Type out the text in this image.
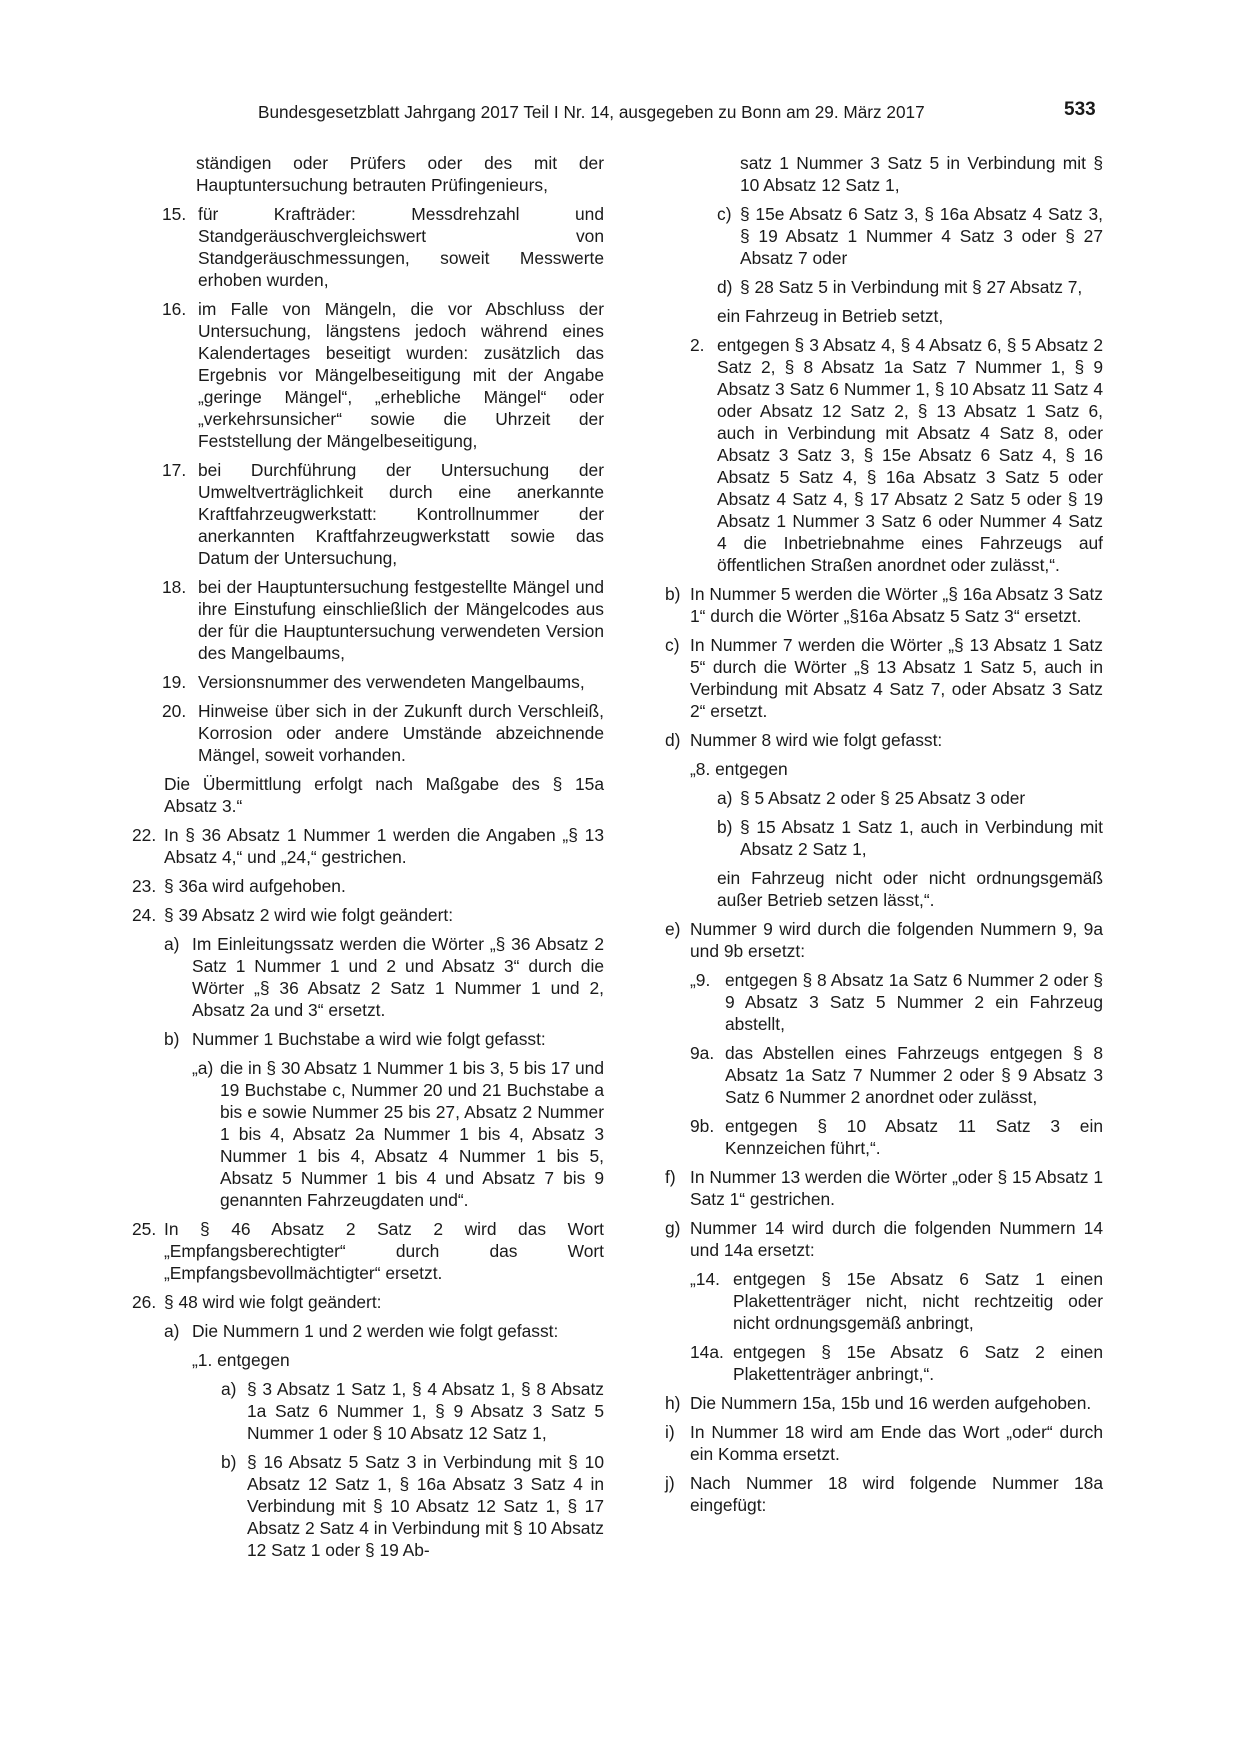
Bundesgesetzblatt Jahrgang 2017 Teil I Nr. 14, ausgegeben zu Bonn am 29. März 2017	533
ständigen oder Prüfers oder des mit der Hauptuntersuchung betrauten Prüfingenieurs,
15. für Krafträder: Messdrehzahl und Standgeräuschvergleichswert von Standgeräuschmessungen, soweit Messwerte erhoben wurden,
16. im Falle von Mängeln, die vor Abschluss der Untersuchung, längstens jedoch während eines Kalendertages beseitigt wurden: zusätzlich das Ergebnis vor Mängelbeseitigung mit der Angabe „geringe Mängel“, „erhebliche Mängel“ oder „verkehrsunsicher“ sowie die Uhrzeit der Feststellung der Mängelbeseitigung,
17. bei Durchführung der Untersuchung der Umweltverträglichkeit durch eine anerkannte Kraftfahrzeugwerkstatt: Kontrollnummer der anerkannten Kraftfahrzeugwerkstatt sowie das Datum der Untersuchung,
18. bei der Hauptuntersuchung festgestellte Mängel und ihre Einstufung einschließlich der Mängelcodes aus der für die Hauptuntersuchung verwendeten Version des Mangelbaums,
19. Versionsnummer des verwendeten Mangelbaums,
20. Hinweise über sich in der Zukunft durch Verschleiß, Korrosion oder andere Umstände abzeichnende Mängel, soweit vorhanden.
Die Übermittlung erfolgt nach Maßgabe des § 15a Absatz 3.“
22. In § 36 Absatz 1 Nummer 1 werden die Angaben „§ 13 Absatz 4,“ und „24,“ gestrichen.
23. § 36a wird aufgehoben.
24. § 39 Absatz 2 wird wie folgt geändert:
a) Im Einleitungssatz werden die Wörter „§ 36 Absatz 2 Satz 1 Nummer 1 und 2 und Absatz 3“ durch die Wörter „§ 36 Absatz 2 Satz 1 Nummer 1 und 2, Absatz 2a und 3“ ersetzt.
b) Nummer 1 Buchstabe a wird wie folgt gefasst:
„a) die in § 30 Absatz 1 Nummer 1 bis 3, 5 bis 17 und 19 Buchstabe c, Nummer 20 und 21 Buchstabe a bis e sowie Nummer 25 bis 27, Absatz 2 Nummer 1 bis 4, Absatz 2a Nummer 1 bis 4, Absatz 3 Nummer 1 bis 4, Absatz 4 Nummer 1 bis 5, Absatz 5 Nummer 1 bis 4 und Absatz 7 bis 9 genannten Fahrzeugdaten und“.
25. In § 46 Absatz 2 Satz 2 wird das Wort „Empfangsberechtigter“ durch das Wort „Empfangsbevollmächtigter“ ersetzt.
26. § 48 wird wie folgt geändert:
a) Die Nummern 1 und 2 werden wie folgt gefasst:
„1. entgegen
a) § 3 Absatz 1 Satz 1, § 4 Absatz 1, § 8 Absatz 1a Satz 6 Nummer 1, § 9 Absatz 3 Satz 5 Nummer 1 oder § 10 Absatz 12 Satz 1,
b) § 16 Absatz 5 Satz 3 in Verbindung mit § 10 Absatz 12 Satz 1, § 16a Absatz 3 Satz 4 in Verbindung mit § 10 Absatz 12 Satz 1, § 17 Absatz 2 Satz 4 in Verbindung mit § 10 Absatz 12 Satz 1 oder § 19 Ab-
satz 1 Nummer 3 Satz 5 in Verbindung mit § 10 Absatz 12 Satz 1,
c) § 15e Absatz 6 Satz 3, § 16a Absatz 4 Satz 3, § 19 Absatz 1 Nummer 4 Satz 3 oder § 27 Absatz 7 oder
d) § 28 Satz 5 in Verbindung mit § 27 Absatz 7,
ein Fahrzeug in Betrieb setzt,
2. entgegen § 3 Absatz 4, § 4 Absatz 6, § 5 Absatz 2 Satz 2, § 8 Absatz 1a Satz 7 Nummer 1, § 9 Absatz 3 Satz 6 Nummer 1, § 10 Absatz 11 Satz 4 oder Absatz 12 Satz 2, § 13 Absatz 1 Satz 6, auch in Verbindung mit Absatz 4 Satz 8, oder Absatz 3 Satz 3, § 15e Absatz 6 Satz 4, § 16 Absatz 5 Satz 4, § 16a Absatz 3 Satz 5 oder Absatz 4 Satz 4, § 17 Absatz 2 Satz 5 oder § 19 Absatz 1 Nummer 3 Satz 6 oder Nummer 4 Satz 4 die Inbetriebnahme eines Fahrzeugs auf öffentlichen Straßen anordnet oder zulässt,“.
b) In Nummer 5 werden die Wörter „§ 16a Absatz 3 Satz 1“ durch die Wörter „§16a Absatz 5 Satz 3“ ersetzt.
c) In Nummer 7 werden die Wörter „§ 13 Absatz 1 Satz 5“ durch die Wörter „§ 13 Absatz 1 Satz 5, auch in Verbindung mit Absatz 4 Satz 7, oder Absatz 3 Satz 2“ ersetzt.
d) Nummer 8 wird wie folgt gefasst:
„8. entgegen
a) § 5 Absatz 2 oder § 25 Absatz 3 oder
b) § 15 Absatz 1 Satz 1, auch in Verbindung mit Absatz 2 Satz 1,
ein Fahrzeug nicht oder nicht ordnungsgemäß außer Betrieb setzen lässt,“.
e) Nummer 9 wird durch die folgenden Nummern 9, 9a und 9b ersetzt:
„9. entgegen § 8 Absatz 1a Satz 6 Nummer 2 oder § 9 Absatz 3 Satz 5 Nummer 2 ein Fahrzeug abstellt,
9a. das Abstellen eines Fahrzeugs entgegen § 8 Absatz 1a Satz 7 Nummer 2 oder § 9 Absatz 3 Satz 6 Nummer 2 anordnet oder zulässt,
9b. entgegen § 10 Absatz 11 Satz 3 ein Kennzeichen führt,“.
f) In Nummer 13 werden die Wörter „oder § 15 Absatz 1 Satz 1“ gestrichen.
g) Nummer 14 wird durch die folgenden Nummern 14 und 14a ersetzt:
„14. entgegen § 15e Absatz 6 Satz 1 einen Plakettenträger nicht, nicht rechtzeitig oder nicht ordnungsgemäß anbringt,
14a. entgegen § 15e Absatz 6 Satz 2 einen Plakettenträger anbringt,“.
h) Die Nummern 15a, 15b und 16 werden aufgehoben.
i) In Nummer 18 wird am Ende das Wort „oder“ durch ein Komma ersetzt.
j) Nach Nummer 18 wird folgende Nummer 18a eingefügt:
